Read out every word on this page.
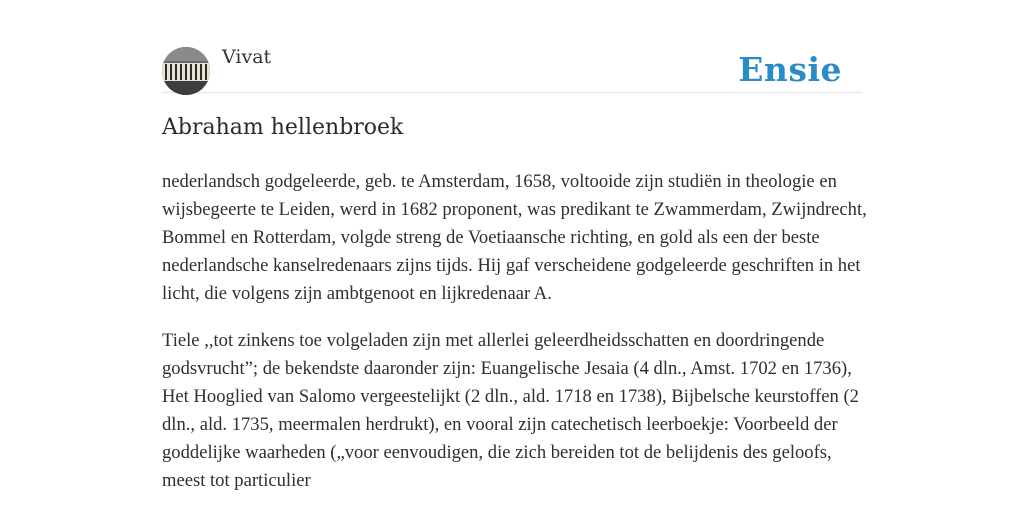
Vivat	Ensie
Abraham hellenbroek

nederlandsch godgeleerde, geb. te Amsterdam, 1658, voltooide zijn studiën in theologie en wijsbegeerte te Leiden, werd in 1682 proponent, was predikant te Zwammerdam, Zwijndrecht, Bommel en Rotterdam, volgde streng de Voetiaansche richting, en gold als een der beste nederlandsche kanselredenaars zijns tijds. Hij gaf verscheidene godgeleerde geschriften in het licht, die volgens zijn ambtgenoot en lijkredenaar A.

Tiele ,,tot zinkens toe volgeladen zijn met allerlei geleerdheidsschatten en doordringende godsvrucht”; de bekendste daaronder zijn: Euangelische Jesaia (4 dln., Amst. 1702 en 1736), Het Hooglied van Salomo vergeestelijkt (2 dln., ald. 1718 en 1738), Bijbelsche keurstoffen (2 dln., ald. 1735, meermalen herdrukt), en vooral zijn catechetisch leerboekje: Voorbeeld der goddelijke waarheden („voor eenvoudigen, die zich bereiden tot de belijdenis des geloofs, meest tot particulier
